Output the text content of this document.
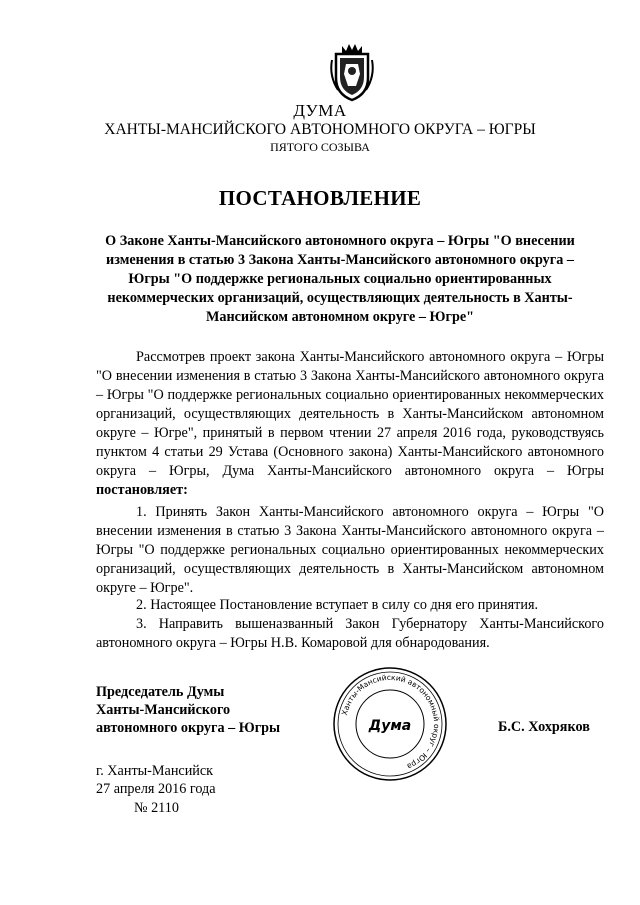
ДУМА
ХАНТЫ-МАНСИЙСКОГО АВТОНОМНОГО ОКРУГА – ЮГРЫ
ПЯТОГО СОЗЫВА
ПОСТАНОВЛЕНИЕ
О Законе Ханты-Мансийского автономного округа – Югры "О внесении изменения в статью 3 Закона Ханты-Мансийского автономного округа – Югры "О поддержке региональных социально ориентированных некоммерческих организаций, осуществляющих деятельность в Ханты-Мансийском автономном округе – Югре"
Рассмотрев проект закона Ханты-Мансийского автономного округа – Югры "О внесении изменения в статью 3 Закона Ханты-Мансийского автономного округа – Югры "О поддержке региональных социально ориентированных некоммерческих организаций, осуществляющих деятельность в Ханты-Мансийском автономном округе – Югре", принятый в первом чтении 27 апреля 2016 года, руководствуясь пунктом 4 статьи 29 Устава (Основного закона) Ханты-Мансийского автономного округа – Югры, Дума Ханты-Мансийского автономного округа – Югры постановляет:
1. Принять Закон Ханты-Мансийского автономного округа – Югры "О внесении изменения в статью 3 Закона Ханты-Мансийского автономного округа – Югры "О поддержке региональных социально ориентированных некоммерческих организаций, осуществляющих деятельность в Ханты-Мансийском автономном округе – Югре".
2. Настоящее Постановление вступает в силу со дня его принятия.
3. Направить вышеназванный Закон Губернатору Ханты-Мансийского автономного округа – Югры Н.В. Комаровой для обнародования.
Председатель Думы
Ханты-Мансийского
автономного округа – Югры
Ханты-Мансийский автономный округ – Югра
Дума	Б.С. Хохряков
г. Ханты-Мансийск
27 апреля 2016 года
№ 2110
